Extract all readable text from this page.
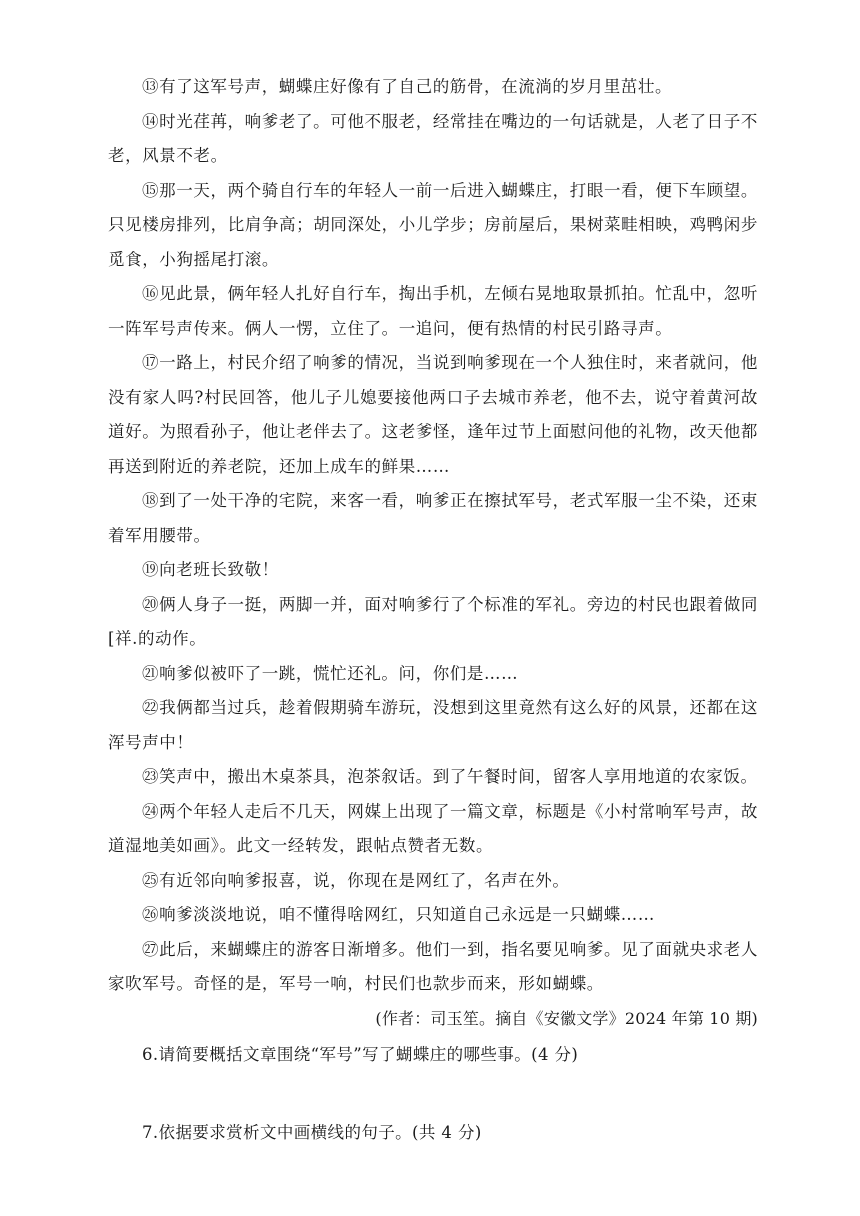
⑬有了这军号声，蝴蝶庄好像有了自己的筋骨，在流淌的岁月里茁壮。

⑭时光荏苒，响爹老了。可他不服老，经常挂在嘴边的一句话就是，人老了日子不老，风景不老。

⑮那一天，两个骑自行车的年轻人一前一后进入蝴蝶庄，打眼一看，便下车顾望。只见楼房排列，比肩争高；胡同深处，小儿学步；房前屋后，果树菜畦相映，鸡鸭闲步觅食，小狗摇尾打滚。

⑯见此景，俩年轻人扎好自行车，掏出手机，左倾右晃地取景抓拍。忙乱中，忽听一阵军号声传来。俩人一愣，立住了。一追问，便有热情的村民引路寻声。

⑰一路上，村民介绍了响爹的情况，当说到响爹现在一个人独住时，来者就问，他没有家人吗?村民回答，他儿子儿媳要接他两口子去城市养老，他不去，说守着黄河故道好。为照看孙子，他让老伴去了。这老爹怪，逢年过节上面慰问他的礼物，改天他都再送到附近的养老院，还加上成车的鲜果……

⑱到了一处干净的宅院，来客一看，响爹正在擦拭军号，老式军服一尘不染，还束着军用腰带。

⑲向老班长致敬！

⑳俩人身子一挺，两脚一并，面对响爹行了个标准的军礼。旁边的村民也跟着做同[祥.的动作。

㉑响爹似被吓了一跳，慌忙还礼。问，你们是……

㉒我俩都当过兵，趁着假期骑车游玩，没想到这里竟然有这么好的风景，还都在这浑号声中！

㉓笑声中，搬出木桌茶具，泡茶叙话。到了午餐时间，留客人享用地道的农家饭。

㉔两个年轻人走后不几天，网媒上出现了一篇文章，标题是《小村常响军号声，故道湿地美如画》。此文一经转发，跟帖点赞者无数。

㉕有近邻向响爹报喜，说，你现在是网红了，名声在外。

㉖响爹淡淡地说，咱不懂得啥网红，只知道自己永远是一只蝴蝶……

㉗此后，来蝴蝶庄的游客日渐增多。他们一到，指名要见响爹。见了面就央求老人家吹军号。奇怪的是，军号一响，村民们也款步而来，形如蝴蝶。

(作者：司玉笙。摘自《安徽文学》2024 年第 10 期)

6.请简要概括文章围绕“军号”写了蝴蝶庄的哪些事。(4 分)

7.依据要求赏析文中画横线的句子。(共 4 分)
